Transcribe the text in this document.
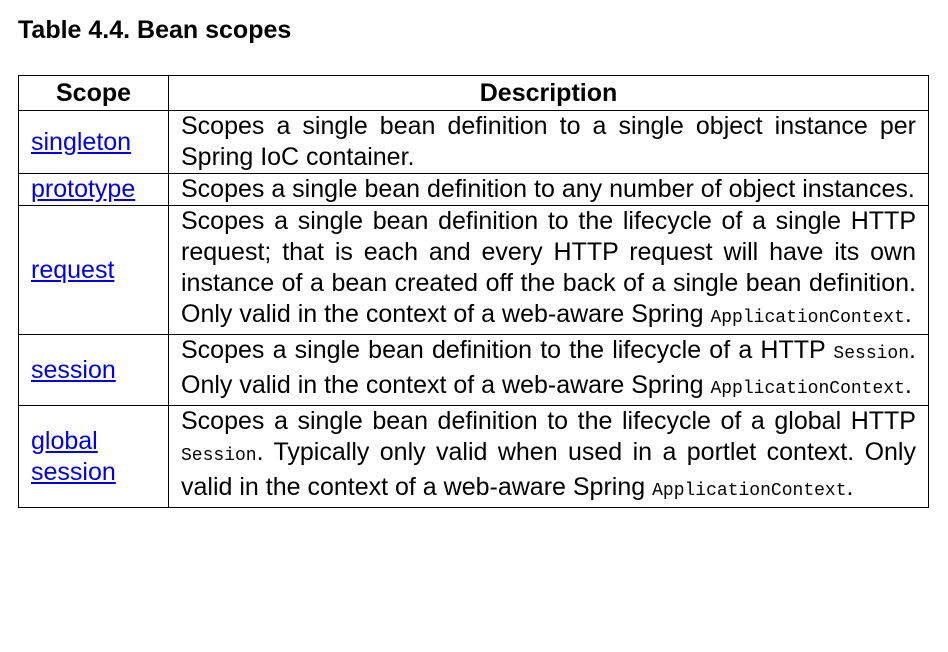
Table 4.4. Bean scopes
Scope	Description
singleton	Scopes a single bean definition to a single object instance per Spring IoC container.
prototype	Scopes a single bean definition to any number of object instances.
request	Scopes a single bean definition to the lifecycle of a single HTTP request; that is each and every HTTP request will have its own instance of a bean created off the back of a single bean definition. Only valid in the context of a web-aware Spring ApplicationContext.
session	Scopes a single bean definition to the lifecycle of a HTTP Session. Only valid in the context of a web-aware Spring ApplicationContext.
global session	Scopes a single bean definition to the lifecycle of a global HTTP Session. Typically only valid when used in a portlet context. Only valid in the context of a web-aware Spring ApplicationContext.
